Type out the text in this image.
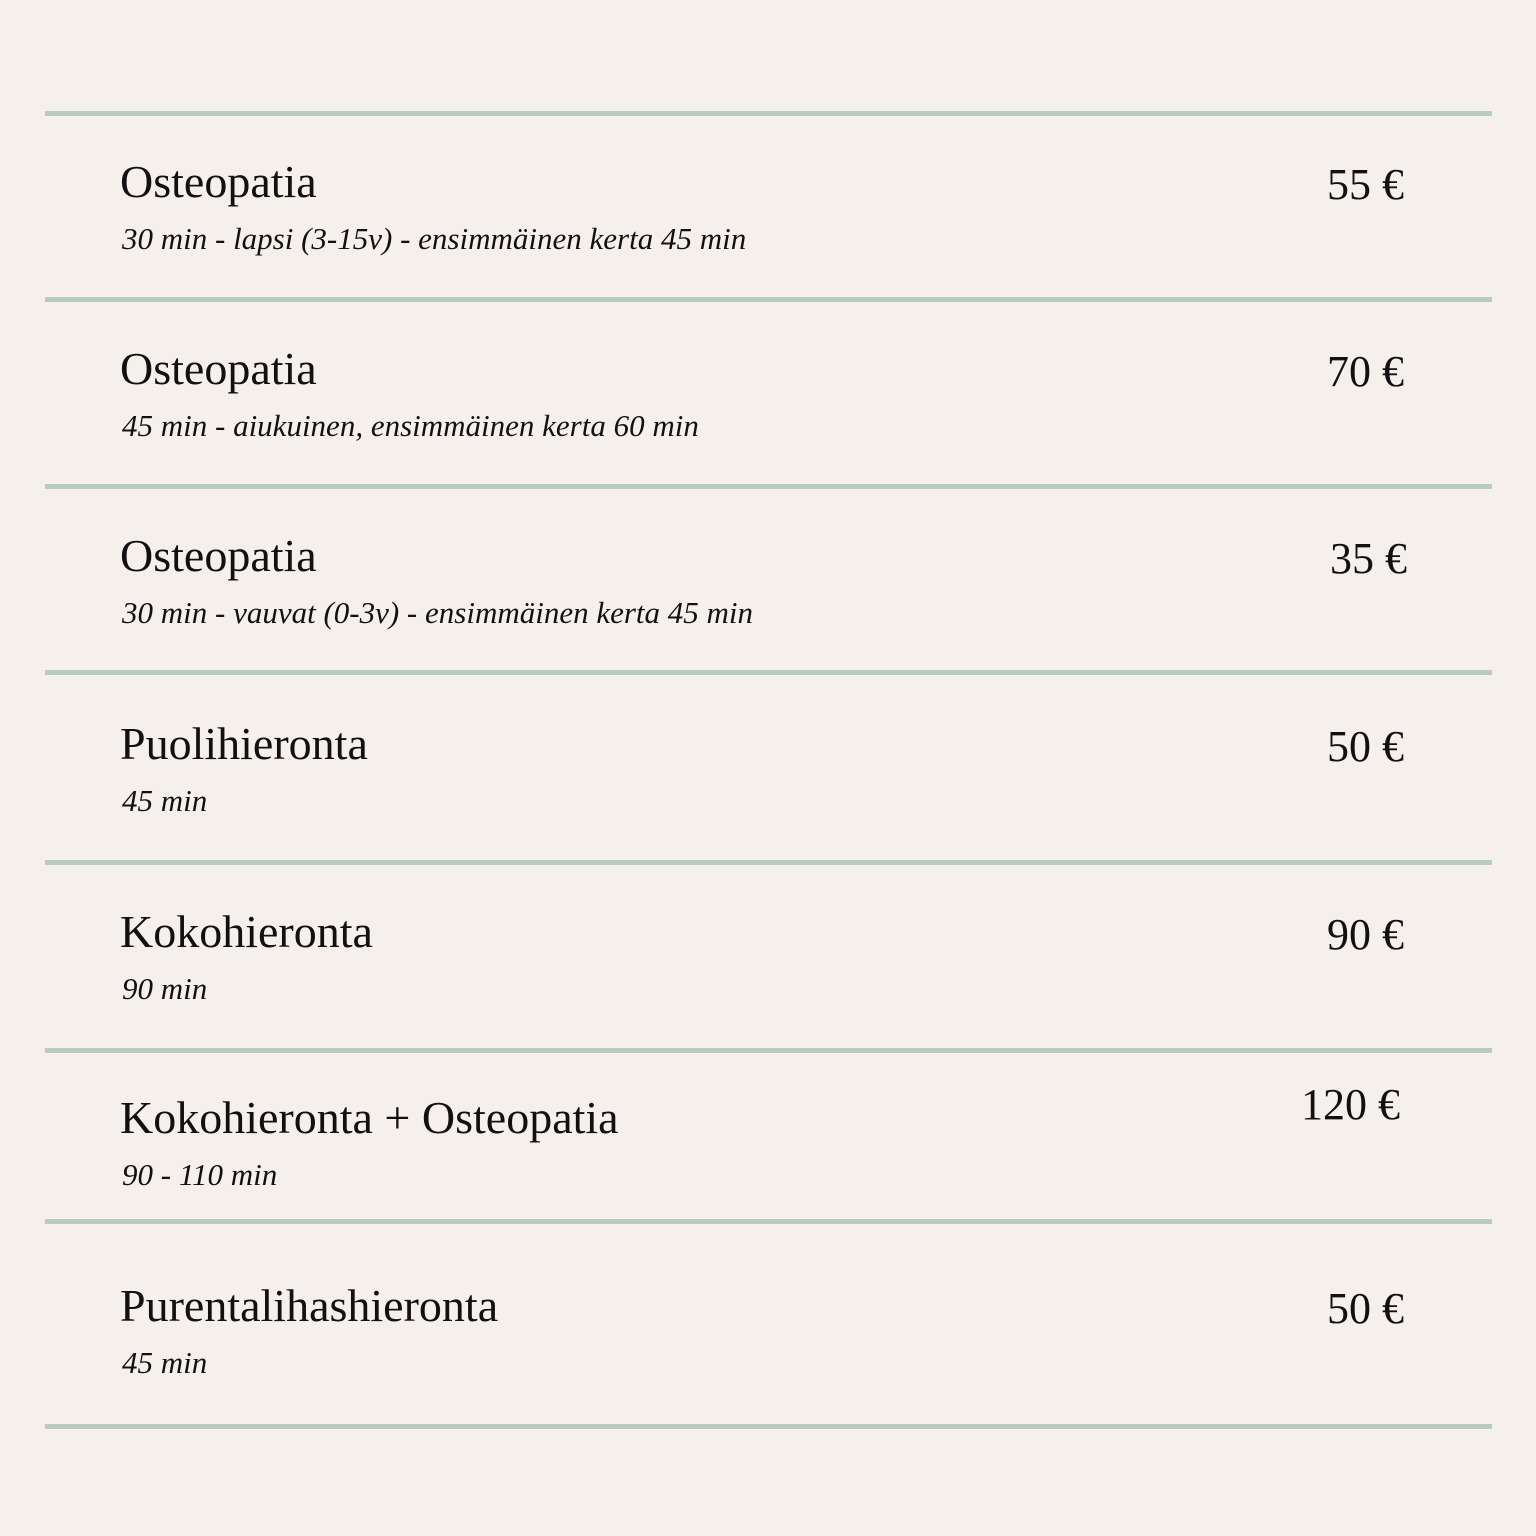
Osteopatia
30 min - lapsi (3-15v) - ensimmäinen kerta 45 min
55 €
Osteopatia
45 min - aiukuinen, ensimmäinen kerta 60 min
70 €
Osteopatia
30 min - vauvat (0-3v) - ensimmäinen kerta 45 min
35 €
Puolihieronta
45 min
50 €
Kokohieronta
90 min
90 €
Kokohieronta + Osteopatia
90 - 110 min
120 €
Purentalihashieronta
45 min
50 €
